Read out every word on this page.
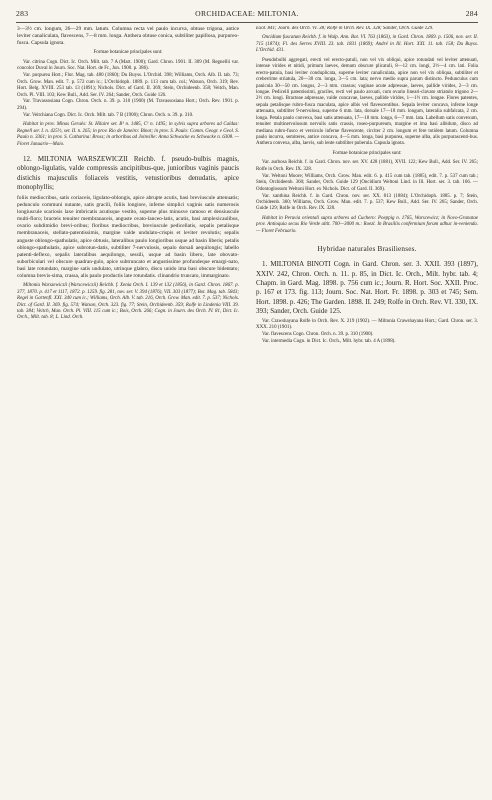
283	ORCHIDACEAE: MILTONIA.	284

3—3½ cm. longum, 26—29 mm. latum. Columna recta vel paulo incurva, obtuse trigona, antice leviter canaliculata, flavescens, 7—8 mm. longa. Anthera obtuse conica, subtiliter papillosa, purpureo-fusca. Capsula ignota.

Formae botanicae principales sunt:

Var. citrina Cogn. Dict. Ic. Orch. Milt. tab. 7 A (Mart. 1900); Gard. Chron. 1901. II. 309 (M. Regnellii var. concolor Duval in Journ. Soc. Nat. Hort. de Fr., Jun. 1900. p. 386).

Var. purpurea Hort.; Flor. Mag. tab. 480 (1860); Du Buyss. L'Orchid. 398; Williams, Orch. Alb. II. tab. 73; Orch. Grow. Man. edit. 7. p. 572 cum ic.; L'Orchidoph. 1889. p. 113 cum tab. col.; Watson, Orch. 319; Rev. Hort. Belg. XVIII. 253 tab. 13 (1891); Nichols. Dict. of Gard. II. 369; Stein, Orchideenb. 358; Veitch, Man. Orch. Pl. VIII. 103; Kew Bull., Add. Ser. IV. 264; Sander, Orch. Guide 126.

Var. Travassosiana Cogn. Chron. Orch. n. 39. p. 310 (1900) (M. Travassosiana Hort.; Orch. Rev. 1901. p. 294).

Var. Veitchiana Cogn. Dict. Ic. Orch. Milt. tab. 7 B (1900); Chron. Orch. n. 39. p. 310.

Habitat in prov. Minas Geraës: St. Hilaire ser. B¹ n. 1485, C¹ n. 1495; in sylvis supra arbores ad Caldas: Regnell ser. I. n. 425½, ser. II. n. 265; in prov. Rio de Janeiro: Binot; in prov. S. Paulo: Comm. Geogr. e Geol. S. Paulo n. 3361; in prov. S. Catharina: Bross; in arboribus ad Joinville: Anna Schwacke ex Schwacke n. 6308. — Floret Januario—Maio.

12. MILTONIA WARSZEWICZII Reichb. f. pseudo-bulbis magnis, oblongo-ligulatis, valde compressis ancipitibus-que, junioribus vaginis paucis distichis majusculis foliaceis vestitis, vetustioribus denudatis, apice monophyllis;

foliis mediocribus, satis coriaceis, ligulato-oblongis, apice abrupte acutis, basi breviuscule attenuatis; pedunculo communi nutante, satis gracili, foliis longiore, inferne simplici vaginis satis numerosis longiuscule scariosis laxe imbricatis acutisque vestito, superne plus minusve ramoso et densiuscule multi-floro; bracteis tenuiter membranaceis, anguste ovato-lanceo-latis, acutis, basi amplexicaulibus, ovario subdimidio brevi-oribus; floribus mediocribus, breviuscule pedicellatis, sepalis petalisque membranaceis, stellato-patentissimis, margine valde undulato-crispis et leviter revolutis; sepalis anguste oblongo-spathulatis, apice obtusis, lateralibus paulo longioribus usque ad basin liberis; petalis oblongo-spathulatis, apice subrotun-datis, subtiliter 7-nervulosis, sepalo dorsali aequilongis; labello patenti-deflexo, sepalis lateralibus aequilongo, sessili, usque ad basin libero, late obovato-suborbiculari vel obscure quadran-gulo, apice subtruncato et angustissime profundeque emargi-nato, basi late rotundato, margine satis undulato, utrinque glabro, disco unido ima basi obscure bidentato; columna brevis-sima, crassa, alis paulo productis late rotundatis. clinandrio truncato, immarginato.

Miltonia Warszewiczii (Warscewiczii) Reichb. f. Xenia Orch. I. 139 et 132 (1856), in Gard. Chron. 1867. p. 377, 1870. p. 417 et 1117, 1872. p. 1259. fig. 281, nov. ser. V. 394 (1876), VII. 303 (1877); Bot. Mag. tab. 5843; Regel in Gartenfl. XXI. 340 cum ic.; Williams, Orch. Alb. V. tab. 216, Orch. Grow. Man. edit. 7. p. 537; Nichols. Dict. of Gard. II. 369. fig. 574; Watson, Orch. 323. fig. 77; Stein, Orchideenb. 359; Rolfe in Lindenia VIII. 39. tab. 384; Veitch, Man. Orch. Pl. VIII. 115 cum ic.; Bois, Orch. 266; Cogn. in Journ. des Orch. IV. 81, Dict. Ic. Orch., Milt. tab. 8; L. Lind. Orch.

Exot. 841; Journ. des Orch. VI. 38; Rolfe in Orch. Rev. IX. 328; Sander, Orch. Guide 129.

Oncidium fuscatum Reichb. f. in Walp. Ann. Bot. VI. 763 (1863), in Gard. Chron. 1869. p. 1506, nov. ser. II. 715 (1874); Fl. des Serres XVIII. 23. tab. 1831 (1869); André in Ill. Hort. XXI. 11. tab. 158; Du Buyss. L'Orchid. 431.

Pseudobulbi aggregati, erecti vel erecto-patuli, non vel vix obliqui, apice rotundati vel leviter attenuati, intense virides et nitidi, primum laeves, demum obscure plicatuli, 8—12 cm. longi, 2½—4 cm. lati. Folia erecto-patula, basi leviter conduplicata, superne leviter canaliculata, apice non vel vix obliqua, subtiliter et creberrime striatula, 20—30 cm. longa, 3—5 cm. lata; nervo medio supra parum distincto. Pedunculus cum panicula 30—50 cm. longus, 2—3 mm. crassus; vaginae acute adpressae, laeves, pallide virides, 2—3 cm. longae. Pedicelli patentissimi, graciles, recti vel paulo arcuati, cum ovario lineari-clavato striatulo trigono 2—2½ cm. longi. Bracteae adpressae, valde concavae, laeves, pallide virides, 1—1½ cm. longae. Flores patentes, sepala petalisque rubro-fusca maculata, apice albis vel flavescentibus. Sepala leviter concava, inferne longe attenuata, subtiliter 9-nervulosa, superne 6 mm. lata, dorsale 17—18 mm. longum, lateralia subfalcata, 2 cm. longa. Petala paulo convexa, basi satis attenuata, 17—18 mm. longa, 6—7 mm. lata. Labellum satis convexum, tenuiter multinervulosum nervulis satis crassis, roseo-purpureum, margine et ima basi albidum, disco ad mediana rubro-fusco et versiculo inferne flavescente, circiter 2 cm. longum et fere totidem latum. Columna paulo incurva, semiteres, antice concava, 4—5 mm. longa, basi purpurea, superne alba, alis purpurascenti-bus. Anthera convexa, alba, laevis, sub lente subtiliter puberula. Capsula ignota.

Formae botanicae principales sunt:

Var. aurbosa Reichb. f. in Gard. Chron. nov. ser. XV. 428 (1881), XVII. 122; Kew Bull., Add. Ser. IV. 265; Rolfe in Orch. Rev. IX. 328.

Var. Weltoni Moore; Williams, Orch. Grow. Man. edit. 6. p. 415 cum tab. (1885), edit. 7. p. 537 cum tab.; Stein, Orchideenb. 360; Sander, Orch. Guide 129 (Oncidium Weltoni Lind. in Ill. Hort. ser. 3. tab. 166. — Odontoglossum Weltoni Hort. ex Nichols. Dict. of Gard. II. 369).

Var. xanthina Reichb. f. in Gard. Chron. nov. ser. XX. 813 (1884); L'Orchidoph. 1885. p. 7; Stein, Orchideenb. 360; Williams, Orch. Grow. Man. edit. 7. p. 537; Kew Bull., Add. Ser. IV. 265; Sander, Orch. Guide 129; Rolfe in Orch. Rev. IX. 328.

Habitat in Peruvia orientali supra arbores ad Cuchero: Poeppig n. 1765, Warscewicz; in Novo-Granatae prov. Antioquia secus Rio Verde altit. 700—3000 m.: Roezl. In Brasiliis confermium forum adhuc in-venienda. — Floret Februario.

Hybridae naturales Brasilienses.

1. MILTONIA BINOTI Cogn. in Gard. Chron. ser. 3. XXII. 393 (1897), XXIV. 242, Chron. Orch. n. 11. p. 85, in Dict. Ic. Orch., Milt. hybr. tab. 4; Chapm. in Gard. Mag. 1898. p. 756 cum ic.; Journ. R. Hort. Soc. XXII. Proc. p. 167 et 173. fig. 113; Journ. Soc. Nat. Hort. Fr. 1898. p. 303 et 745; Sem. Hort. 1898. p. 426; The Garden. 1898. II. 249; Rolfe in Orch. Rev. VI. 330, IX. 393; Sander, Orch. Guide 125.

Var. Crawshayana Rolfe in Orch. Rev. X. 219 (1902). — Miltonia Crawshayana Hort.; Gard. Chron. ser. 3. XXX. 210 (1901).

Var. flavescens Cogn. Chron. Orch. n. 39. p. 310 (1900).

Var. intermedia Cogn. in Dict. Ic. Orch., Milt. hybr. tab. 4 A (1898).
